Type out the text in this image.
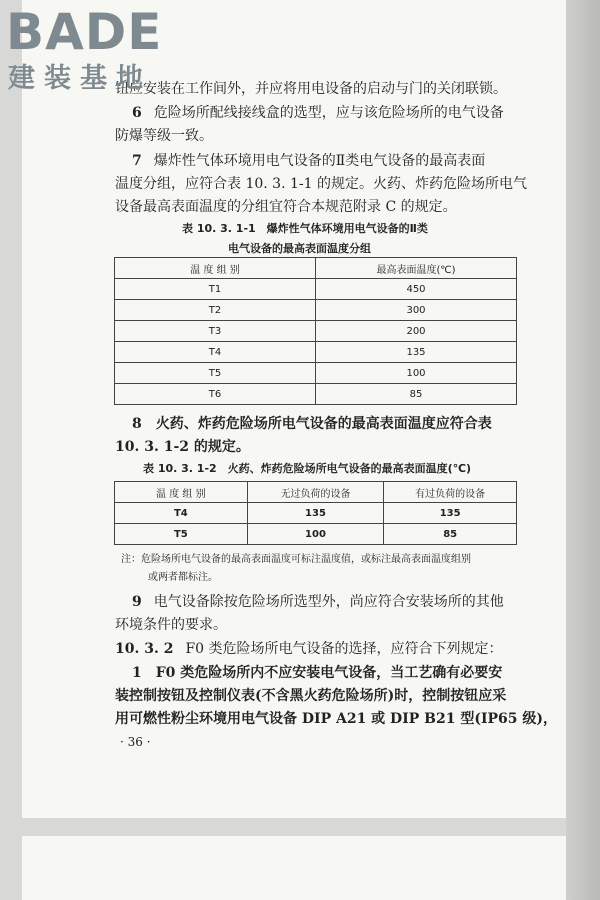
钮应安装在工作间外，并应将用电设备的启动与门的关闭联锁。

6 危险场所配线接线盒的选型，应与该危险场所的电气设备

防爆等级一致。

7 爆炸性气体环境用电气设备的Ⅱ类电气设备的最高表面

温度分组，应符合表 10. 3. 1-1 的规定。火药、炸药危险场所电气

设备最高表面温度的分组宜符合本规范附录 C 的规定。

表 10. 3. 1-1　爆炸性气体环境用电气设备的Ⅱ类
电气设备的最高表面温度分组
温 度 组 别	最高表面温度(℃)
T1	450
T2	300
T3	200
T4	135
T5	100
T6	85

8　火药、炸药危险场所电气设备的最高表面温度应符合表

10. 3. 1-2 的规定。

表 10. 3. 1-2　火药、炸药危险场所电气设备的最高表面温度(℃)
温 度 组 别	无过负荷的设备	有过负荷的设备
T4	135	135
T5	100	85
注：危险场所电气设备的最高表面温度可标注温度值，或标注最高表面温度组别
或两者都标注。

9 电气设备除按危险场所选型外，尚应符合安装场所的其他

环境条件的要求。

10. 3. 2 F0 类危险场所电气设备的选择，应符合下列规定：

1　F0 类危险场所内不应安装电气设备，当工艺确有必要安

装控制按钮及控制仪表(不含黑火药危险场所)时，控制按钮应采

用可燃性粉尘环境用电气设备 DIP A21 或 DIP B21 型(IP65 级)，

· 36 ·
BADE
建装基地
